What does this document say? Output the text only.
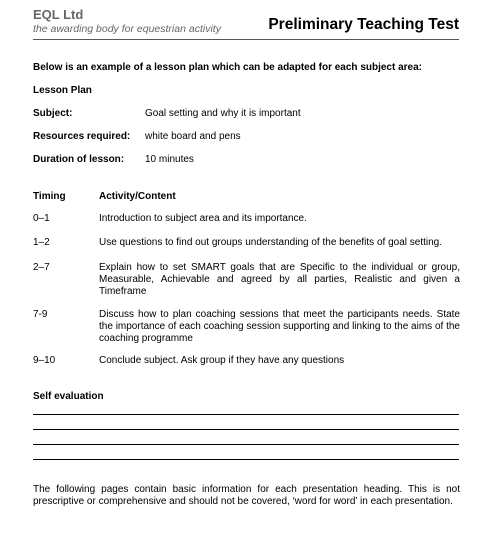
EQL Ltd
the awarding body for equestrian activity	Preliminary Teaching Test
Below is an example of a lesson plan which can be adapted for each subject area:
Lesson Plan
Subject:	Goal setting and why it is important
Resources required: white board and pens
Duration of lesson: 10 minutes
Timing	Activity/Content
0–1	Introduction to subject area and its importance.
1–2	Use questions to find out groups understanding of the benefits of goal setting.
2–7	Explain how to set SMART goals that are Specific to the individual or group, Measurable, Achievable and agreed by all parties, Realistic and given a Timeframe
7-9	Discuss how to plan coaching sessions that meet the participants needs. State the importance of each coaching session supporting and linking to the aims of the coaching programme
9–10	Conclude subject. Ask group if they have any questions
Self evaluation
The following pages contain basic information for each presentation heading. This is not prescriptive or comprehensive and should not be covered, ‘word for word’ in each presentation.
